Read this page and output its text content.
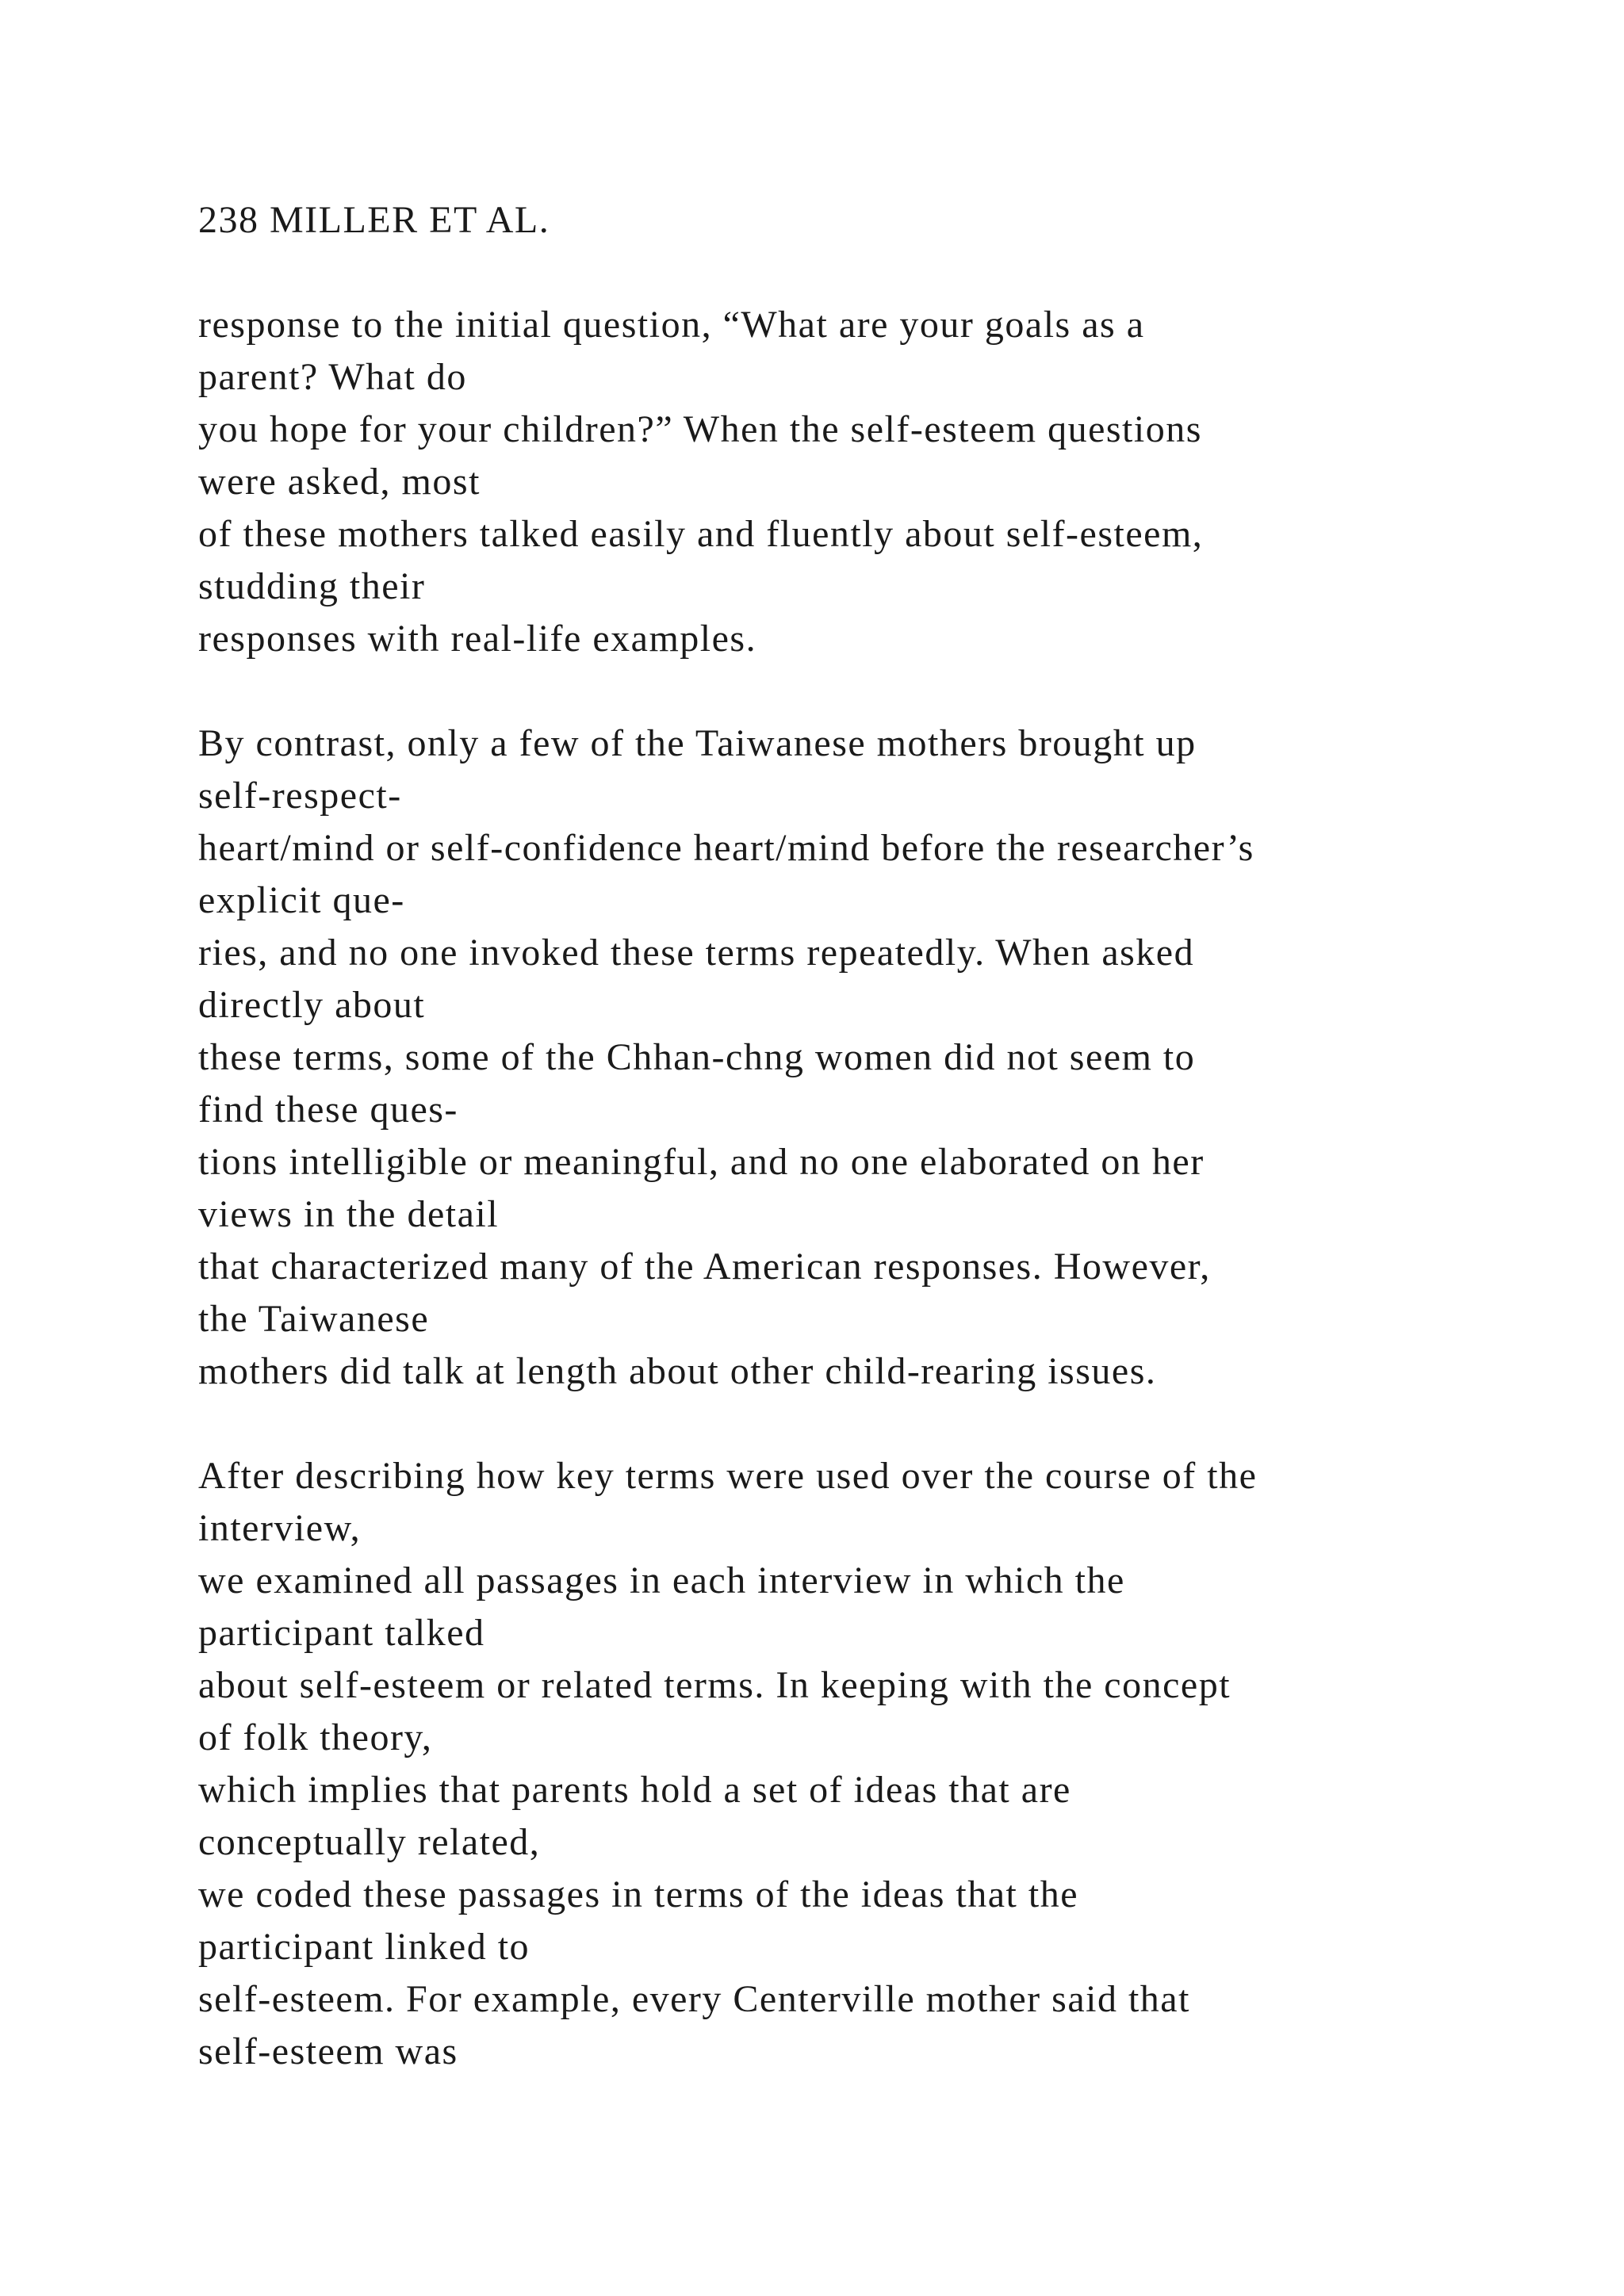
238 MILLER ET AL.
response to the initial question, “What are your goals as a
parent? What do
you hope for your children?” When the self-esteem questions
were asked, most
of these mothers talked easily and fluently about self-esteem,
studding their
responses with real-life examples.
By contrast, only a few of the Taiwanese mothers brought up
self-respect-
heart/mind or self-confidence heart/mind before the researcher’s
explicit que-
ries, and no one invoked these terms repeatedly. When asked
directly about
these terms, some of the Chhan-chng women did not seem to
find these ques-
tions intelligible or meaningful, and no one elaborated on her
views in the detail
that characterized many of the American responses. However,
the Taiwanese
mothers did talk at length about other child-rearing issues.
After describing how key terms were used over the course of the
interview,
we examined all passages in each interview in which the
participant talked
about self-esteem or related terms. In keeping with the concept
of folk theory,
which implies that parents hold a set of ideas that are
conceptually related,
we coded these passages in terms of the ideas that the
participant linked to
self-esteem. For example, every Centerville mother said that
self-esteem was
